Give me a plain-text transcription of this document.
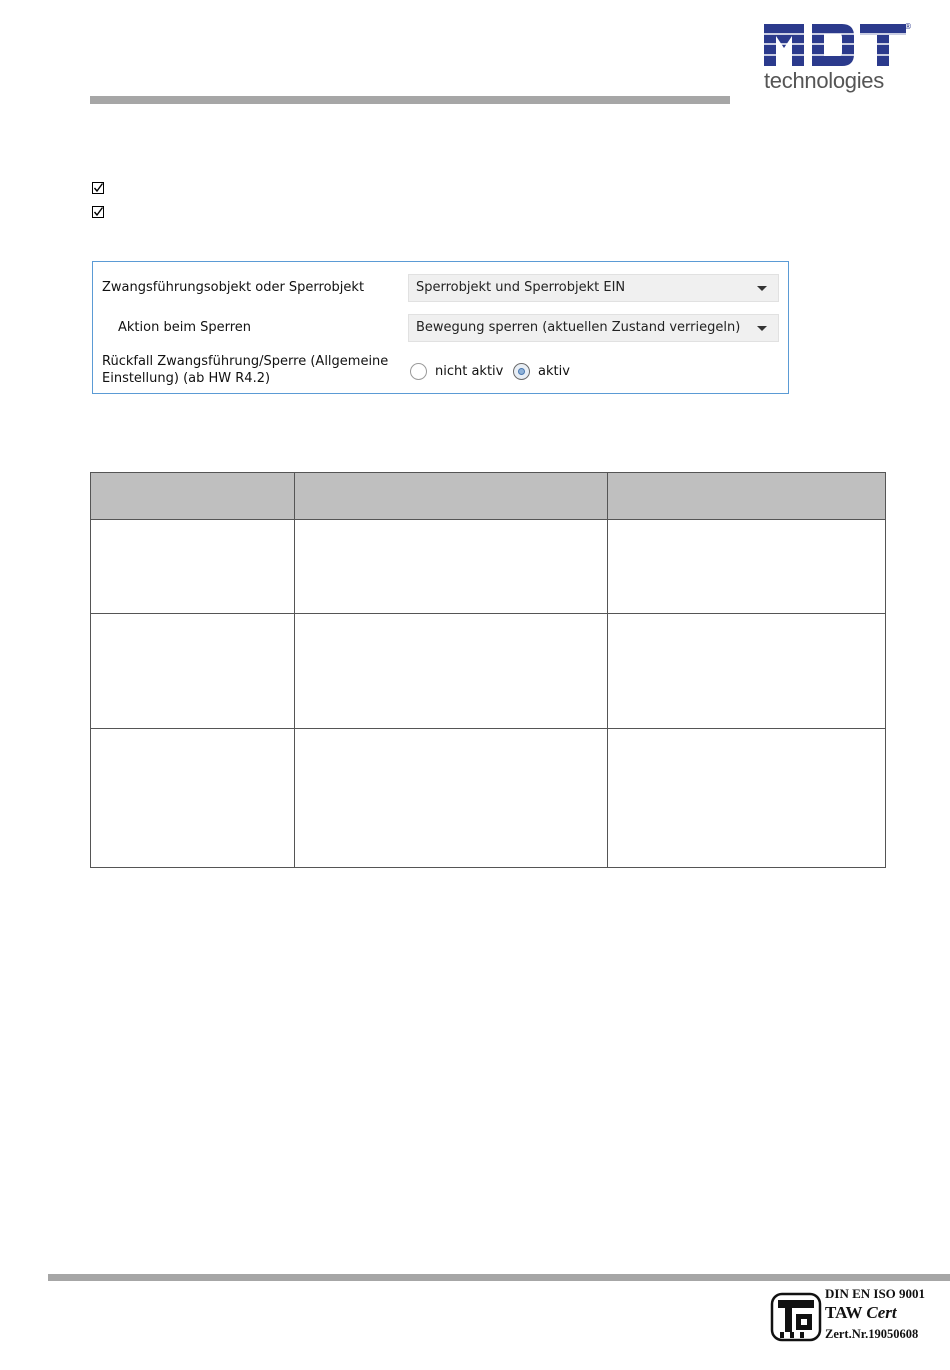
®
technologies
Zwangsführungsobjekt oder Sperrobjekt	Sperrobjekt und Sperrobjekt EIN
Aktion beim Sperren	Bewegung sperren (aktuellen Zustand verriegeln)
Rückfall Zwangsführung/Sperre (Allgemeine
Einstellung) (ab HW R4.2)	nicht aktiv	aktiv
DIN EN ISO 9001
TAW Cert
Zert.Nr.19050608
